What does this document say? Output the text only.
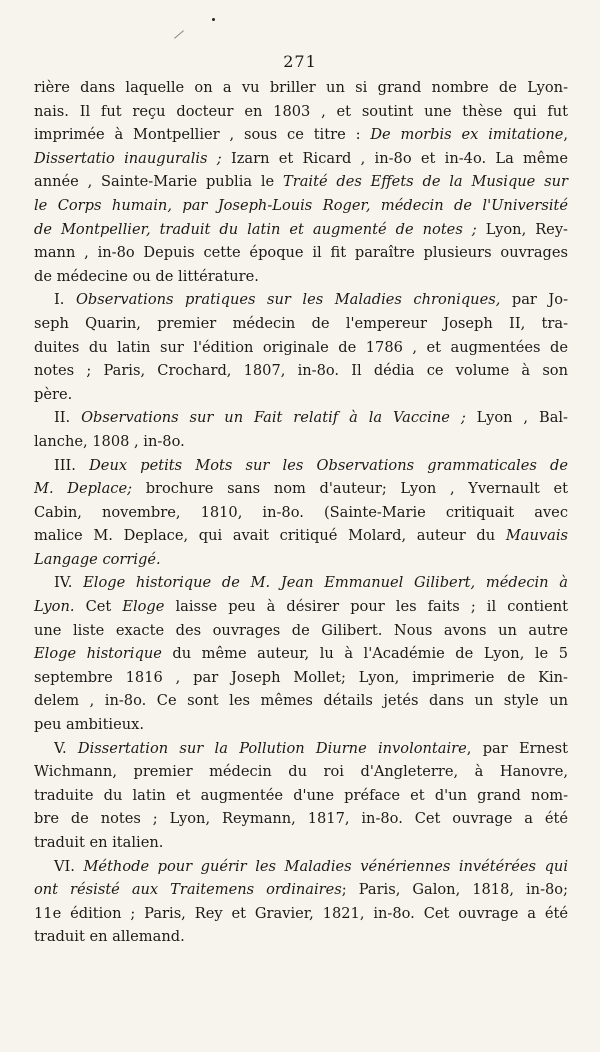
271
rière dans laquelle on a vu briller un si grand nombre de Lyon-
nais. Il fut reçu docteur en 1803 , et soutint une thèse qui fut
imprimée à Montpellier , sous ce titre : De morbis ex imitatione,
Dissertatio inauguralis ; Izarn et Ricard , in-8o et in-4o. La même
année , Sainte-Marie publia le Traité des Effets de la Musique sur
le Corps humain, par Joseph-Louis Roger, médecin de l'Université
de Montpellier, traduit du latin et augmenté de notes ; Lyon, Rey-
mann , in-8o Depuis cette époque il fit paraître plusieurs ouvrages
de médecine ou de littérature.
I. Observations pratiques sur les Maladies chroniques, par Jo-
seph Quarin, premier médecin de l'empereur Joseph II, tra-
duites du latin sur l'édition originale de 1786 , et augmentées de
notes ; Paris, Crochard, 1807, in-8o. Il dédia ce volume à son
père.
II. Observations sur un Fait relatif à la Vaccine ; Lyon , Bal-
lanche, 1808 , in-8o.
III. Deux petits Mots sur les Observations grammaticales de
M. Deplace; brochure sans nom d'auteur; Lyon , Yvernault et
Cabin, novembre, 1810, in-8o. (Sainte-Marie critiquait avec
malice M. Deplace, qui avait critiqué Molard, auteur du Mauvais
Langage corrigé.
IV. Eloge historique de M. Jean Emmanuel Gilibert, médecin à
Lyon. Cet Eloge laisse peu à désirer pour les faits ; il contient
une liste exacte des ouvrages de Gilibert. Nous avons un autre
Eloge historique du même auteur, lu à l'Académie de Lyon, le 5
septembre 1816 , par Joseph Mollet; Lyon, imprimerie de Kin-
delem , in-8o. Ce sont les mêmes détails jetés dans un style un
peu ambitieux.
V. Dissertation sur la Pollution Diurne involontaire, par Ernest
Wichmann, premier médecin du roi d'Angleterre, à Hanovre,
traduite du latin et augmentée d'une préface et d'un grand nom-
bre de notes ; Lyon, Reymann, 1817, in-8o. Cet ouvrage a été
traduit en italien.
VI. Méthode pour guérir les Maladies vénériennes invétérées qui
ont résisté aux Traitemens ordinaires; Paris, Galon, 1818, in-8o;
11e édition ; Paris, Rey et Gravier, 1821, in-8o. Cet ouvrage a été
traduit en allemand.
